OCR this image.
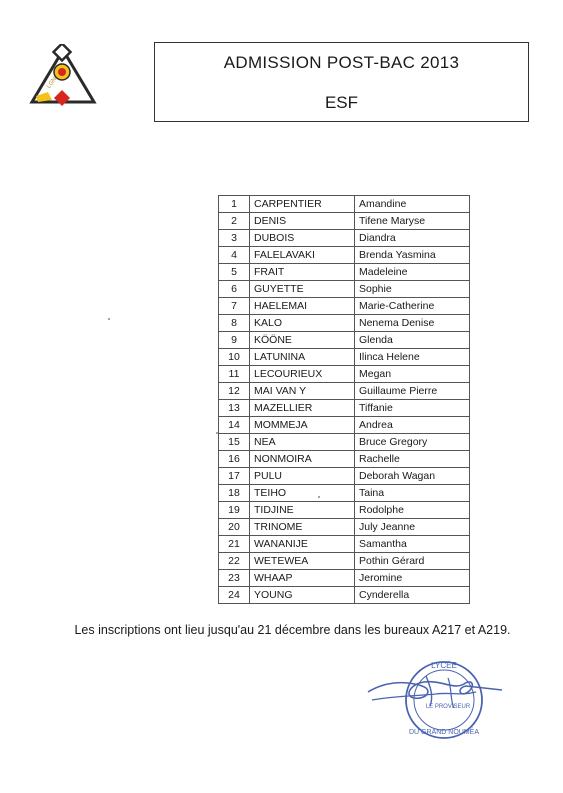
LGN
ADMISSION POST-BAC 2013
ESF
1	CARPENTIER	Amandine
2	DENIS	Tifene Maryse
3	DUBOIS	Diandra
4	FALELAVAKI	Brenda Yasmina
5	FRAIT	Madeleine
6	GUYETTE	Sophie
7	HAELEMAI	Marie-Catherine
8	KALO	Nenema Denise
9	KÖÖNE	Glenda
10	LATUNINA	Ilinca Helene
11	LECOURIEUX	Megan
12	MAI VAN Y	Guillaume Pierre
13	MAZELLIER	Tiffanie
14	MOMMEJA	Andrea
15	NEA	Bruce Gregory
16	NONMOIRA	Rachelle
17	PULU	Deborah Wagan
18	TEIHO	Taina
19	TIDJINE	Rodolphe
20	TRINOME	July Jeanne
21	WANANIJE	Samantha
22	WETEWEA	Pothin Gérard
23	WHAAP	Jeromine
24	YOUNG	Cynderella
Les inscriptions ont lieu jusqu'au 21 décembre dans les bureaux A217 et A219.
LYCÉE
LE PROVISEUR
DU GRAND NOUMÉA
